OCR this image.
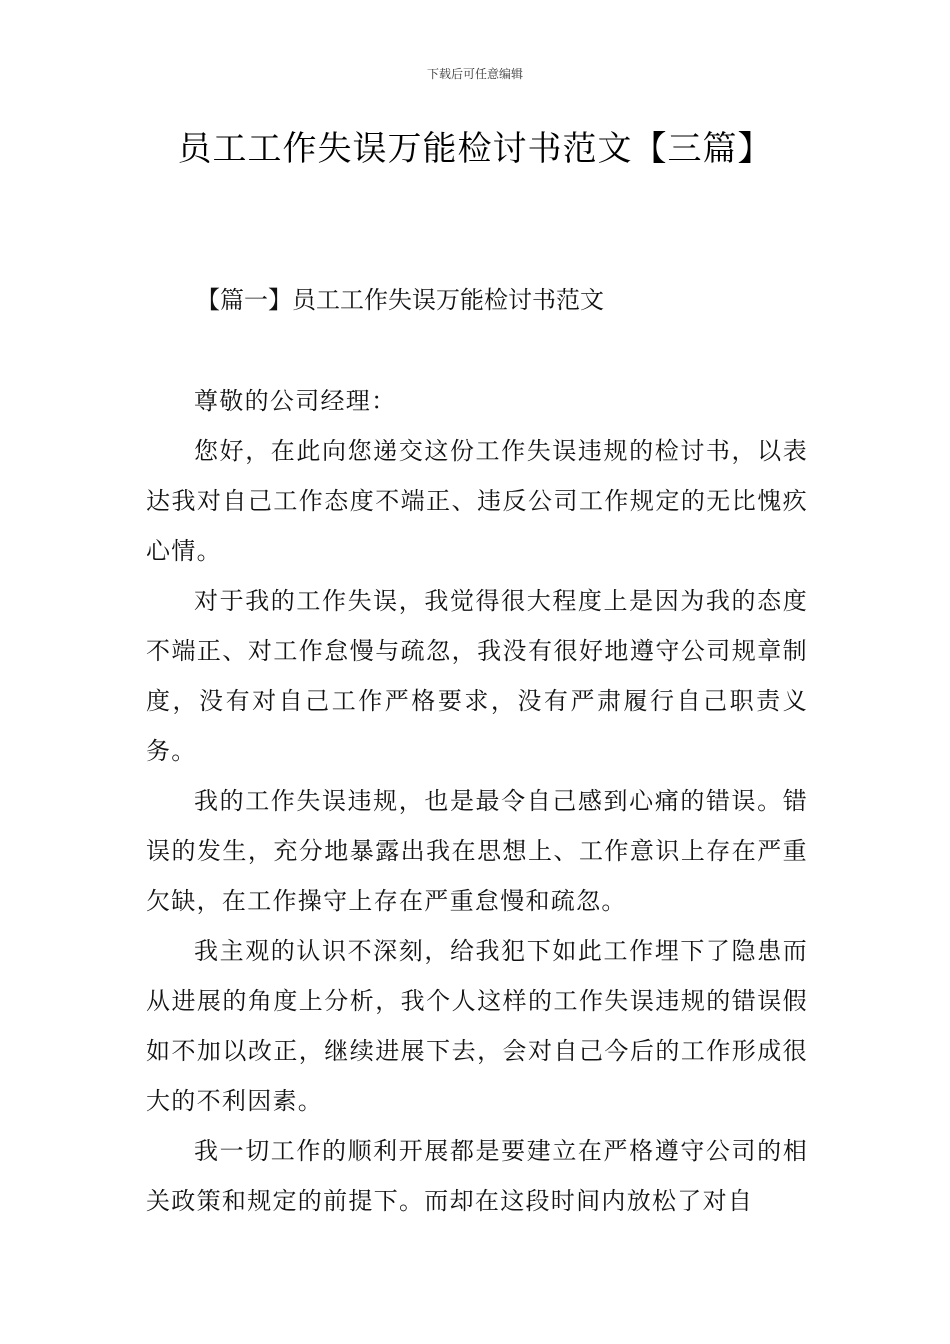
下载后可任意编辑
员工工作失误万能检讨书范文【三篇】
【篇一】员工工作失误万能检讨书范文

尊敬的公司经理：

您好，在此向您递交这份工作失误违规的检讨书，以表达我对自己工作态度不端正、违反公司工作规定的无比愧疚心情。

对于我的工作失误，我觉得很大程度上是因为我的态度不端正、对工作怠慢与疏忽，我没有很好地遵守公司规章制度，没有对自己工作严格要求，没有严肃履行自己职责义务。

我的工作失误违规，也是最令自己感到心痛的错误。错误的发生，充分地暴露出我在思想上、工作意识上存在严重欠缺，在工作操守上存在严重怠慢和疏忽。

我主观的认识不深刻，给我犯下如此工作埋下了隐患而从进展的角度上分析，我个人这样的工作失误违规的错误假如不加以改正，继续进展下去，会对自己今后的工作形成很大的不利因素。

我一切工作的顺利开展都是要建立在严格遵守公司的相关政策和规定的前提下。而却在这段时间内放松了对自
